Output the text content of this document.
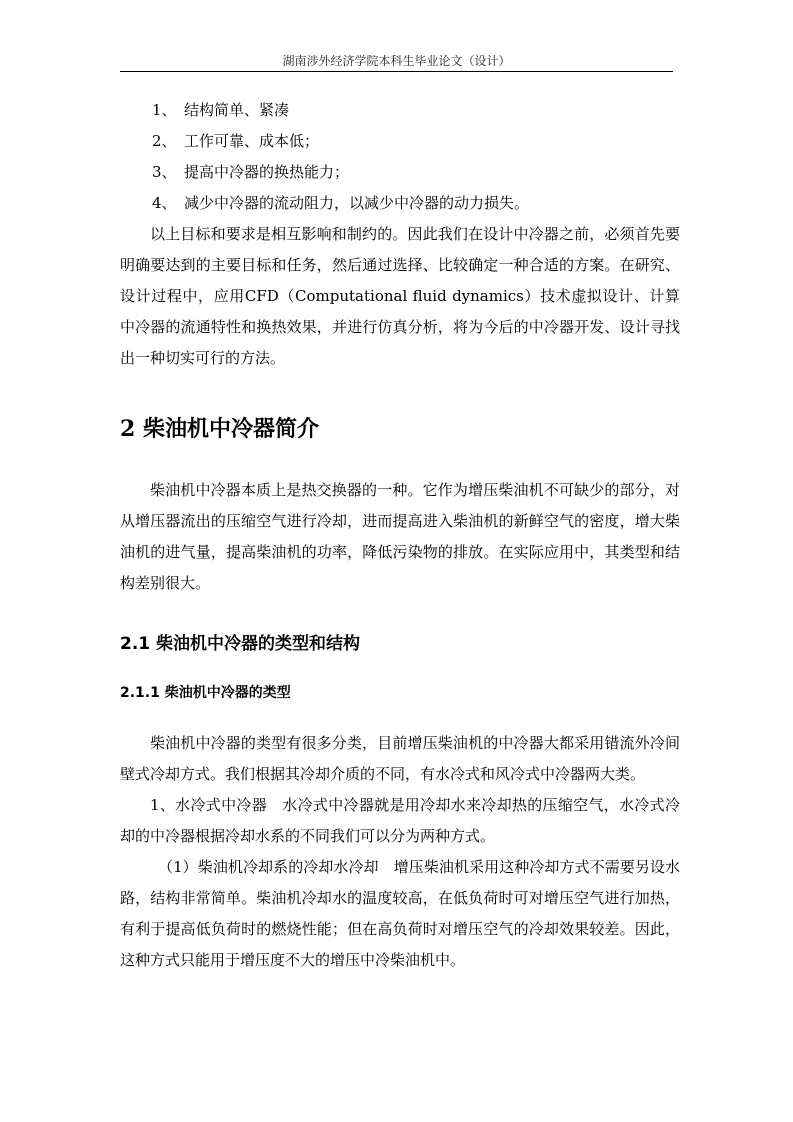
湖南涉外经济学院本科生毕业论文（设计）
1、 结构简单、紧凑
2、 工作可靠、成本低；
3、 提高中冷器的换热能力；
4、 减少中冷器的流动阻力，以减少中冷器的动力损失。

以上目标和要求是相互影响和制约的。因此我们在设计中冷器之前，必须首先要明确要达到的主要目标和任务，然后通过选择、比较确定一种合适的方案。在研究、设计过程中，应用CFD（Computational fluid dynamics）技术虚拟设计、计算中冷器的流通特性和换热效果，并进行仿真分析，将为今后的中冷器开发、设计寻找出一种切实可行的方法。

2 柴油机中冷器简介

柴油机中冷器本质上是热交换器的一种。它作为增压柴油机不可缺少的部分，对从增压器流出的压缩空气进行冷却，进而提高进入柴油机的新鲜空气的密度，增大柴油机的进气量，提高柴油机的功率，降低污染物的排放。在实际应用中，其类型和结构差别很大。

2.1 柴油机中冷器的类型和结构
2.1.1 柴油机中冷器的类型

柴油机中冷器的类型有很多分类，目前增压柴油机的中冷器大都采用错流外冷间壁式冷却方式。我们根据其冷却介质的不同，有水冷式和风冷式中冷器两大类。

1、水冷式中冷器　水冷式中冷器就是用冷却水来冷却热的压缩空气，水冷式冷却的中冷器根据冷却水系的不同我们可以分为两种方式。

（1）柴油机冷却系的冷却水冷却　增压柴油机采用这种冷却方式不需要另设水路，结构非常简单。柴油机冷却水的温度较高，在低负荷时可对增压空气进行加热，有利于提高低负荷时的燃烧性能；但在高负荷时对增压空气的冷却效果较差。因此，这种方式只能用于增压度不大的增压中冷柴油机中。
